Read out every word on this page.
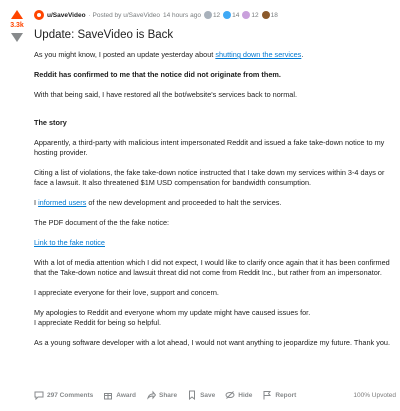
3.3k
u/SaveVideo · Posted by u/SaveVideo 14 hours ago 12 14 12 18
Update: SaveVideo is Back

As you might know, I posted an update yesterday about shutting down the services.

Reddit has confirmed to me that the notice did not originate from them.

With that being said, I have restored all the bot/website's services back to normal.

The story

Apparently, a third-party with malicious intent impersonated Reddit and issued a fake take-down notice to my hosting provider.

Citing a list of violations, the fake take-down notice instructed that I take down my services within 3-4 days or face a lawsuit. It also threatened $1M USD compensation for bandwidth consumption.

I informed users of the new development and proceeded to halt the services.

The PDF document of the the fake notice:

Link to the fake notice

With a lot of media attention which I did not expect, I would like to clarify once again that it has been confirmed that the Take-down notice and lawsuit threat did not come from Reddit Inc., but rather from an impersonator.

I appreciate everyone for their love, support and concern.

My apologies to Reddit and everyone whom my update might have caused issues for.
I appreciate Reddit for being so helpful.

As a young software developer with a lot ahead, I would not want anything to jeopardize my future. Thank you.

297 Comments	Award	Share	Save	Hide	Report	100% Upvoted
